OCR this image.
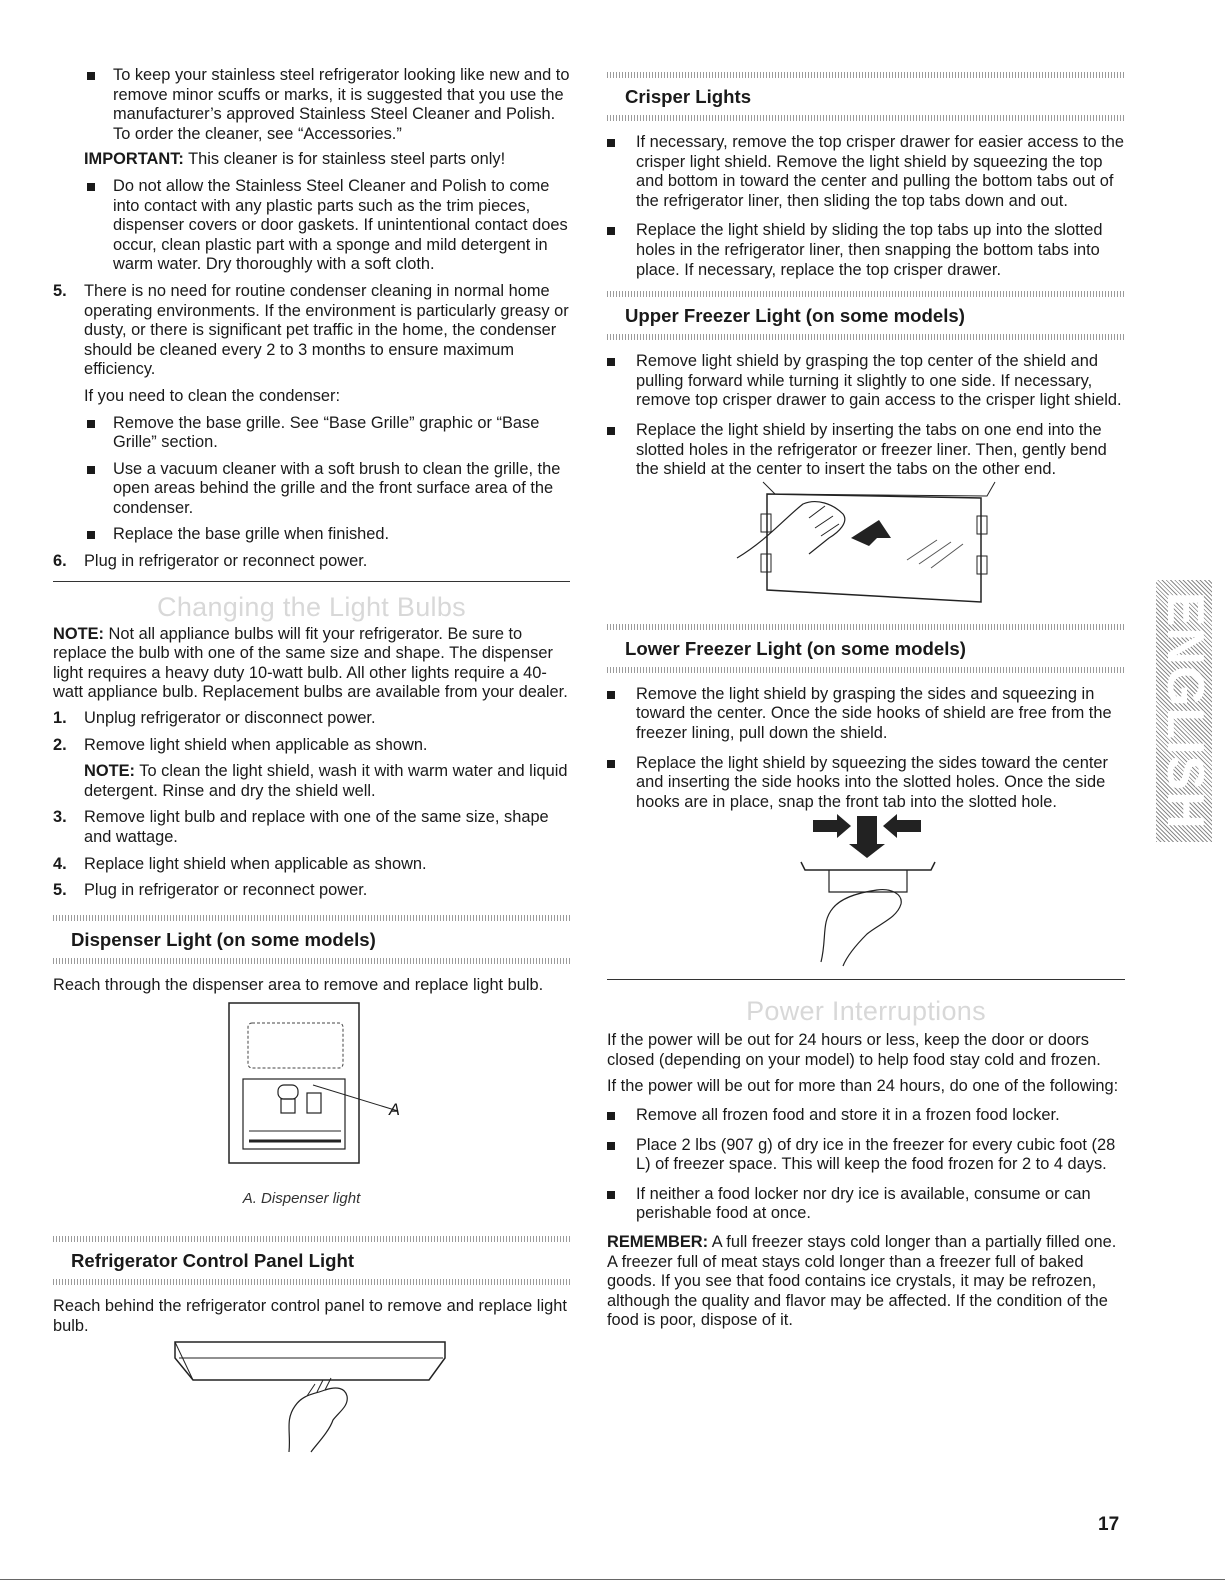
To keep your stainless steel refrigerator looking like new and to remove minor scuffs or marks, it is suggested that you use the manufacturer’s approved Stainless Steel Cleaner and Polish. To order the cleaner, see “Accessories.”

IMPORTANT: This cleaner is for stainless steel parts only!

Do not allow the Stainless Steel Cleaner and Polish to come into contact with any plastic parts such as the trim pieces, dispenser covers or door gaskets. If unintentional contact does occur, clean plastic part with a sponge and mild detergent in warm water. Dry thoroughly with a soft cloth.

5. There is no need for routine condenser cleaning in normal home operating environments. If the environment is particularly greasy or dusty, or there is significant pet traffic in the home, the condenser should be cleaned every 2 to 3 months to ensure maximum efficiency.

If you need to clean the condenser:

Remove the base grille. See “Base Grille” graphic or “Base Grille” section.

Use a vacuum cleaner with a soft brush to clean the grille, the open areas behind the grille and the front surface area of the condenser.

Replace the base grille when finished.

6. Plug in refrigerator or reconnect power.

Changing the Light Bulbs

NOTE: Not all appliance bulbs will fit your refrigerator. Be sure to replace the bulb with one of the same size and shape. The dispenser light requires a heavy duty 10-watt bulb. All other lights require a 40-watt appliance bulb. Replacement bulbs are available from your dealer.

1. Unplug refrigerator or disconnect power.

2. Remove light shield when applicable as shown.

NOTE: To clean the light shield, wash it with warm water and liquid detergent. Rinse and dry the shield well.

3. Remove light bulb and replace with one of the same size, shape and wattage.

4. Replace light shield when applicable as shown.

5. Plug in refrigerator or reconnect power.

Dispenser Light (on some models)

Reach through the dispenser area to remove and replace light bulb.

A

A. Dispenser light

Refrigerator Control Panel Light

Reach behind the refrigerator control panel to remove and replace light bulb.

Crisper Lights

If necessary, remove the top crisper drawer for easier access to the crisper light shield. Remove the light shield by squeezing the top and bottom in toward the center and pulling the bottom tabs out of the refrigerator liner, then sliding the top tabs down and out.

Replace the light shield by sliding the top tabs up into the slotted holes in the refrigerator liner, then snapping the bottom tabs into place. If necessary, replace the top crisper drawer.

Upper Freezer Light (on some models)

Remove light shield by grasping the top center of the shield and pulling forward while turning it slightly to one side. If necessary, remove top crisper drawer to gain access to the crisper light shield.

Replace the light shield by inserting the tabs on one end into the slotted holes in the refrigerator or freezer liner. Then, gently bend the shield at the center to insert the tabs on the other end.

Lower Freezer Light (on some models)

Remove the light shield by grasping the sides and squeezing in toward the center. Once the side hooks of shield are free from the freezer lining, pull down the shield.

Replace the light shield by squeezing the sides toward the center and inserting the side hooks into the slotted holes. Once the side hooks are in place, snap the front tab into the slotted hole.

Power Interruptions

If the power will be out for 24 hours or less, keep the door or doors closed (depending on your model) to help food stay cold and frozen.

If the power will be out for more than 24 hours, do one of the following:

Remove all frozen food and store it in a frozen food locker.

Place 2 lbs (907 g) of dry ice in the freezer for every cubic foot (28 L) of freezer space. This will keep the food frozen for 2 to 4 days.

If neither a food locker nor dry ice is available, consume or can perishable food at once.

REMEMBER: A full freezer stays cold longer than a partially filled one. A freezer full of meat stays cold longer than a freezer full of baked goods. If you see that food contains ice crystals, it may be refrozen, although the quality and flavor may be affected. If the condition of the food is poor, dispose of it.

ENGLISH
17
